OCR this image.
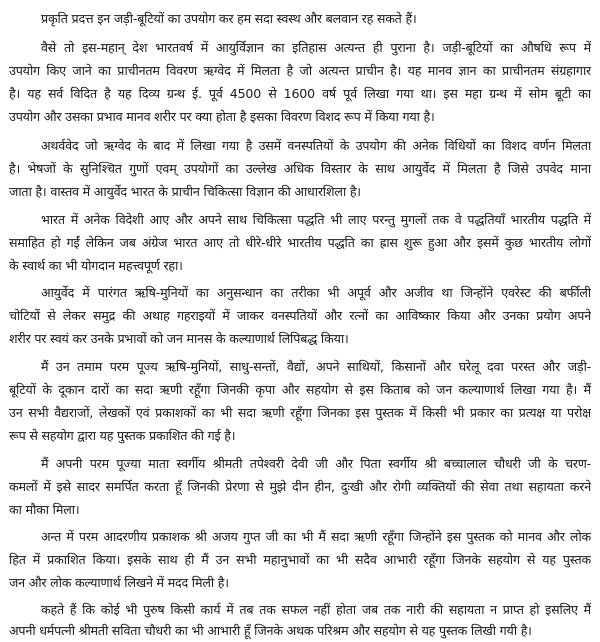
प्रकृति प्रदत्त इन जड़ी-बूटियों का उपयोग कर हम सदा स्वस्थ और बलवान रह सकते हैं।
वैसे तो इस-महान् देश भारतवर्ष में आयुर्विज्ञान का इतिहास अत्यन्त ही पुराना है। जड़ी-बूटियों का औषधि रूप में
उपयोग किए जाने का प्राचीनतम विवरण ऋग्वेद में मिलता है जो अत्यन्त प्राचीन है। यह मानव ज्ञान का प्राचीनतम संग्रहागार
है। यह सर्व विदित है यह दिव्य ग्रन्थ ई. पूर्व 4500 से 1600 वर्ष पूर्व लिखा गया था। इस महा ग्रन्थ में सोम बूटी का
उपयोग और उसका प्रभाव मानव शरीर पर क्या होता है इसका विवरण विशद रूप में किया गया है।
अथर्ववेद जो ऋग्वेद के बाद में लिखा गया है उसमें वनस्पतियों के उपयोग की अनेक विधियों का विशद वर्णन मिलता
है। भेषजों के सुनिश्चित गुणों एवम् उपयोगों का उल्लेख अधिक विस्तार के साथ आयुर्वेद में मिलता है जिसे उपवेद माना
जाता है। वास्तव में आयुर्वेद भारत के प्राचीन चिकित्सा विज्ञान की आधारशिला है।
भारत में अनेक विदेशी आए और अपने साथ चिकित्सा पद्धति भी लाए परन्तु मुगलों तक वे पद्धतियाँ भारतीय पद्धति में
समाहित हो गईं लेकिन जब अंग्रेज भारत आए तो धीरे-धीरे भारतीय पद्धति का ह्रास शुरू हुआ और इसमें कुछ भारतीय लोगों
के स्वार्थ का भी योगदान महत्त्वपूर्ण रहा।
आयुर्वेद में पारंगत ऋषि-मुनियों का अनुसन्धान का तरीका भी अपूर्व और अजीव था जिन्होंने एवरेस्ट की बर्फीली
चोटियों से लेकर समुद्र की अथाह गहराइयों में जाकर वनस्पतियों और रत्नों का आविष्कार किया और उनका प्रयोग अपने
शरीर पर स्वयं कर उनके प्रभावों को जन मानस के कल्याणार्थ लिपिबद्ध किया।
मैं उन तमाम परम पूज्य ऋषि-मुनियों, साधु-सन्तों, वैद्यों, अपने साथियों, किसानों और घरेलू दवा परस्त और जड़ी-
बूटियों के दूकान दारों का सदा ऋणी रहूँगा जिनकी कृपा और सहयोग से इस किताब को जन कल्याणार्थ लिखा गया है। मैं
उन सभी वैद्यराजों, लेखकों एवं प्रकाशकों का भी सदा ऋणी रहूँगा जिनका इस पुस्तक में किसी भी प्रकार का प्रत्यक्ष या परोक्ष
रूप से सहयोग द्वारा यह पुस्तक प्रकाशित की गई है।
मैं अपनी परम पूज्या माता स्वर्गीय श्रीमती तपेश्वरी देवी जी और पिता स्वर्गीय श्री बच्चालाल चौधरी जी के चरण-
कमलों में इसे सादर समर्पित करता हूँ जिनकी प्रेरणा से मुझे दीन हीन, दुःखी और रोगी व्यक्तियों की सेवा तथा सहायता करने
का मौका मिला।
अन्त में परम आदरणीय प्रकाशक श्री अजय गुप्त जी का भी मैं सदा ऋणी रहूँगा जिन्होंने इस पुस्तक को मानव और लोक
हित में प्रकाशित किया। इसके साथ ही मैं उन सभी महानुभावों का भी सदैव आभारी रहूँगा जिनके सहयोग से यह पुस्तक
जन और लोक कल्याणार्थ लिखने में मदद मिली है।
कहते हैं कि कोई भी पुरुष किसी कार्य में तब तक सफल नहीं होता जब तक नारी की सहायता न प्राप्त हो इसलिए मैं
अपनी धर्मपत्नी श्रीमती सविता चौधरी का भी आभारी हूँ जिनके अथक परिश्रम और सहयोग से यह पुस्तक लिखी गयी है।
